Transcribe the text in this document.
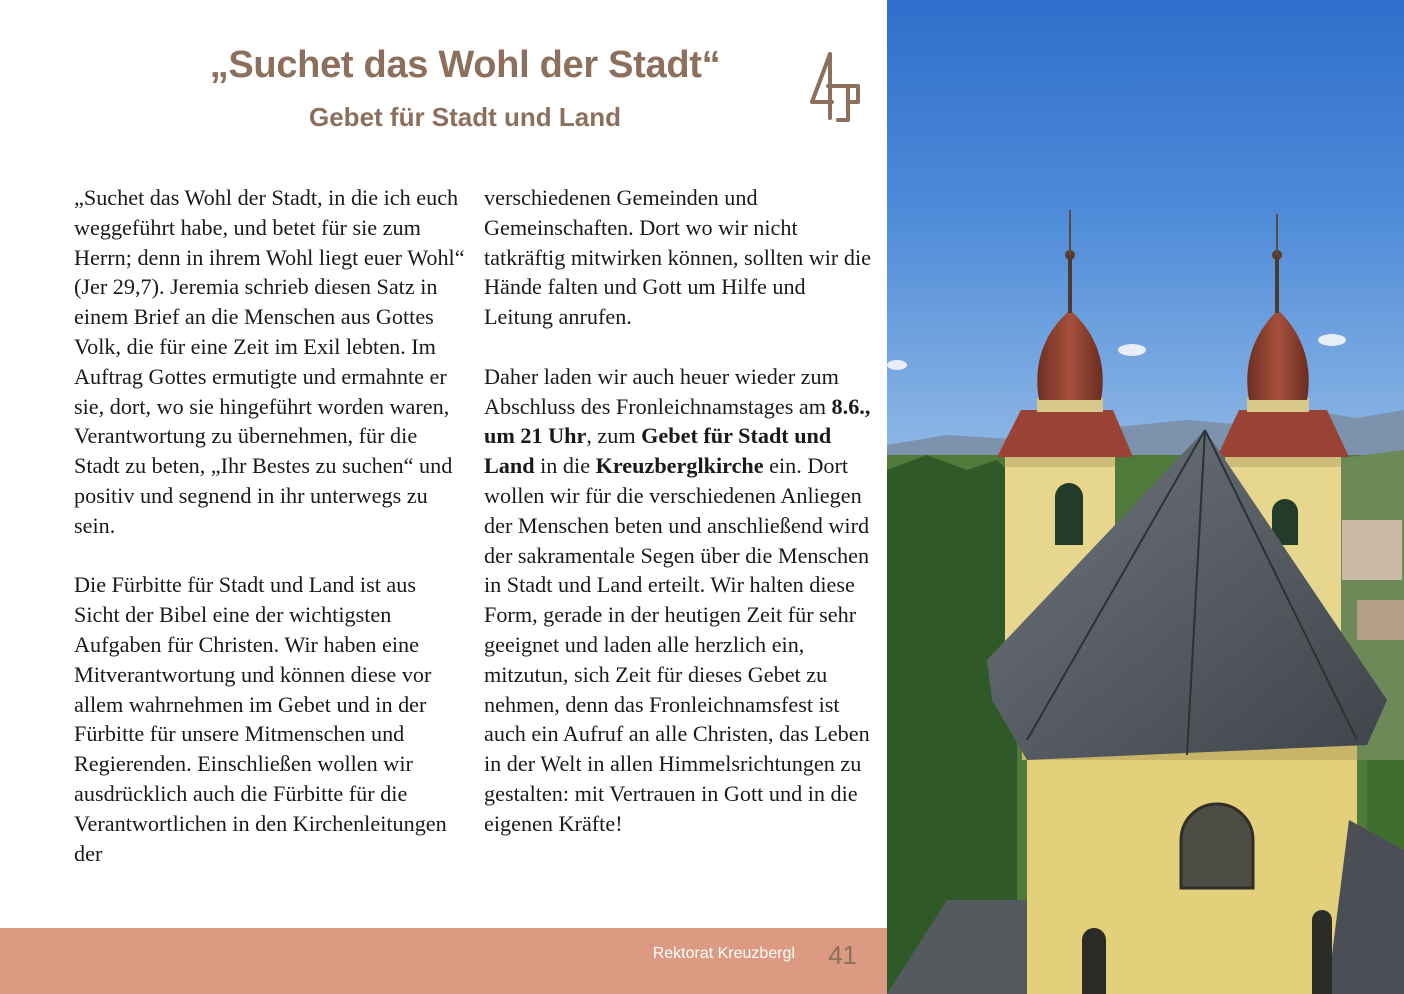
„Suchet das Wohl der Stadt“
Gebet für Stadt und Land

„Suchet das Wohl der Stadt, in die ich euch weggeführt habe, und betet für sie zum Herrn; denn in ihrem Wohl liegt euer Wohl“ (Jer 29,7). Jeremia schrieb diesen Satz in einem Brief an die Menschen aus Gottes Volk, die für eine Zeit im Exil lebten. Im Auftrag Gottes ermutigte und ermahnte er sie, dort, wo sie hingeführt worden waren, Verantwortung zu übernehmen, für die Stadt zu beten, „Ihr Bestes zu suchen“ und positiv und segnend in ihr unterwegs zu sein.

Die Fürbitte für Stadt und Land ist aus Sicht der Bibel eine der wichtigsten Aufgaben für Christen. Wir haben eine Mitverantwortung und können diese vor allem wahrnehmen im Gebet und in der Fürbitte für unsere Mitmenschen und Regierenden. Einschließen wollen wir ausdrücklich auch die Fürbitte für die Verantwortlichen in den Kirchenleitungen der

verschiedenen Gemeinden und Gemeinschaften. Dort wo wir nicht tatkräftig mitwirken können, sollten wir die Hände falten und Gott um Hilfe und Leitung anrufen.

Daher laden wir auch heuer wieder zum Abschluss des Fronleichnamstages am 8.6., um 21 Uhr, zum Gebet für Stadt und Land in die Kreuzberglkirche ein. Dort wollen wir für die verschiedenen Anliegen der Menschen beten und anschließend wird der sakramentale Segen über die Menschen in Stadt und Land erteilt. Wir halten diese Form, gerade in der heutigen Zeit für sehr geeignet und laden alle herzlich ein, mitzutun, sich Zeit für dieses Gebet zu nehmen, denn das Fronleichnamsfest ist auch ein Aufruf an alle Christen, das Leben in der Welt in allen Himmelsrichtungen zu gestalten: mit Vertrauen in Gott und in die eigenen Kräfte!

Rektorat Kreuzbergl 41
